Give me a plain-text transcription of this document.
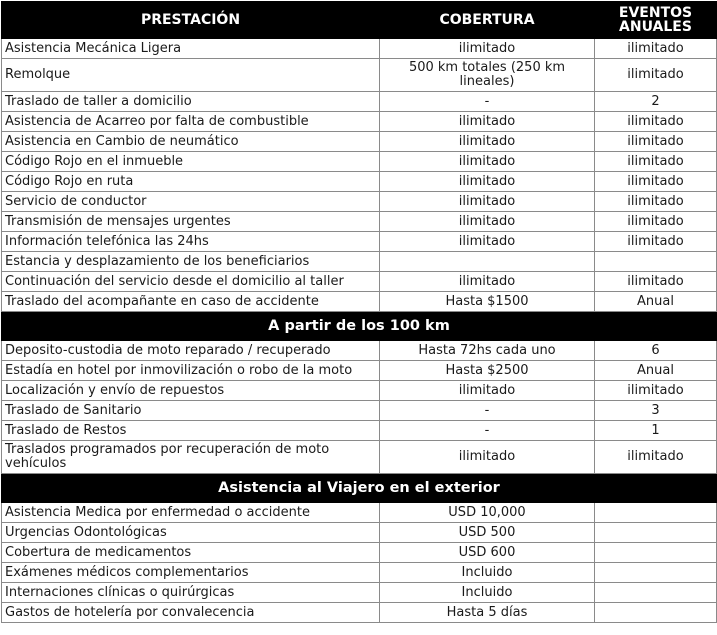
PRESTACIÓN	COBERTURA	EVENTOS ANUALES
Asistencia Mecánica Ligera	ilimitado	ilimitado
Remolque	500 km totales (250 km lineales)	ilimitado
Traslado de taller a domicilio	-	2
Asistencia de Acarreo por falta de combustible	ilimitado	ilimitado
Asistencia en Cambio de neumático	ilimitado	ilimitado
Código Rojo en el inmueble	ilimitado	ilimitado
Código Rojo en ruta	ilimitado	ilimitado
Servicio de conductor	ilimitado	ilimitado
Transmisión de mensajes urgentes	ilimitado	ilimitado
Información telefónica las 24hs	ilimitado	ilimitado
Estancia y desplazamiento de los beneficiarios		
Continuación del servicio desde el domicilio al taller	ilimitado	ilimitado
Traslado del acompañante en caso de accidente	Hasta $1500	Anual
A partir de los 100 km		
Deposito-custodia de moto reparado / recuperado	Hasta 72hs cada uno	6
Estadía en hotel por inmovilización o robo de la moto	Hasta $2500	Anual
Localización y envío de repuestos	ilimitado	ilimitado
Traslado de Sanitario	-	3
Traslado de Restos	-	1
Traslados programados por recuperación de moto vehículos	ilimitado	ilimitado
Asistencia al Viajero en el exterior		
Asistencia Medica por enfermedad o accidente	USD 10,000	
Urgencias Odontológicas	USD 500	
Cobertura de medicamentos	USD 600	
Exámenes médicos complementarios	Incluido	
Internaciones clínicas o quirúrgicas	Incluido	
Gastos de hotelería por convalecencia	Hasta 5 días	
